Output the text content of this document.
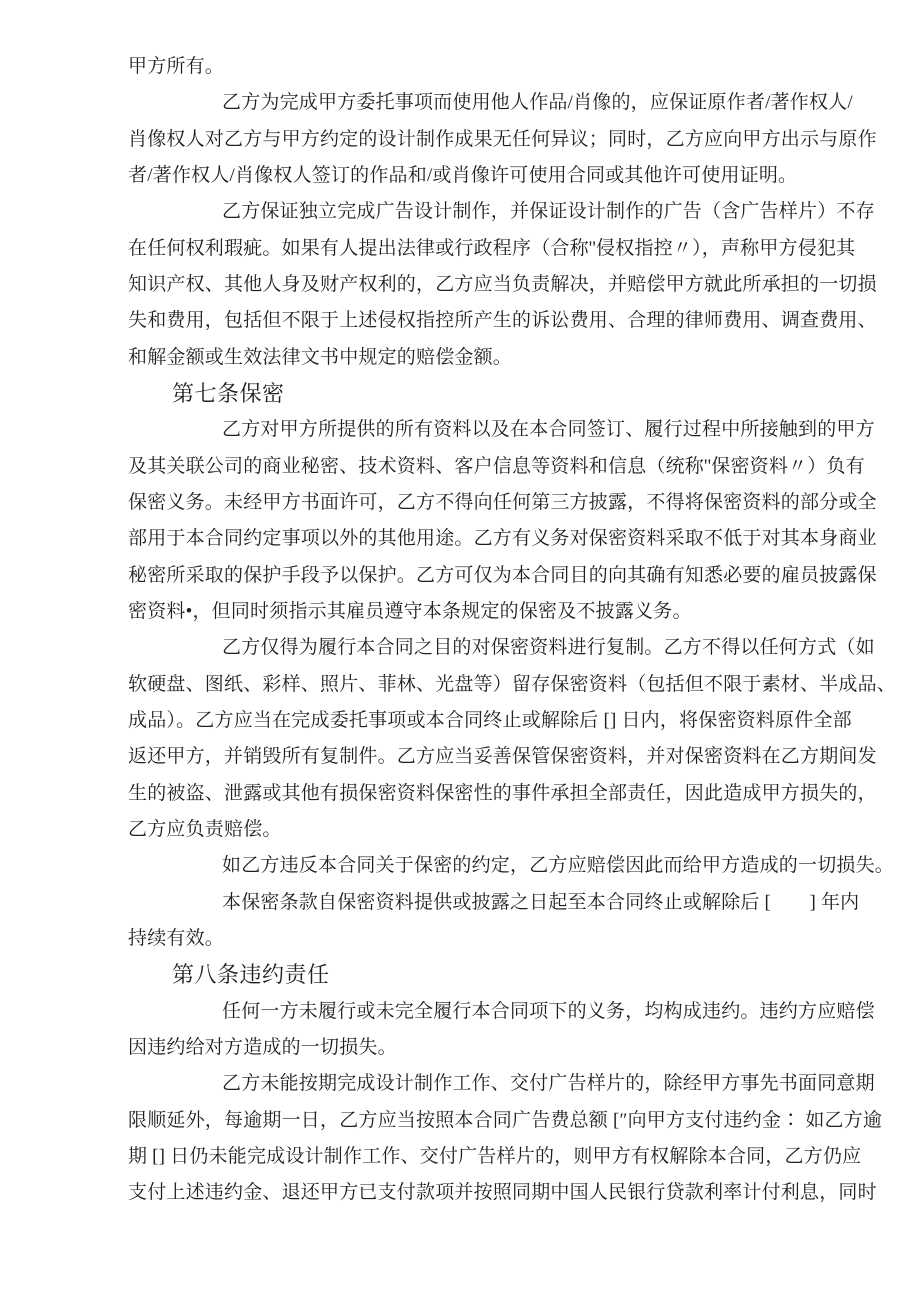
甲方所有。
乙方为完成甲方委托事项而使用他人作品/肖像的，应保证原作者/著作权人/
肖像权人对乙方与甲方约定的设计制作成果无任何异议；同时，乙方应向甲方出示与原作
者/著作权人/肖像权人签订的作品和/或肖像许可使用合同或其他许可使用证明。
乙方保证独立完成广告设计制作，并保证设计制作的广告（含广告样片）不存
在任何权利瑕疵。如果有人提出法律或行政程序（合称''侵权指控〃），声称甲方侵犯其
知识产权、其他人身及财产权利的，乙方应当负责解决，并赔偿甲方就此所承担的一切损
失和费用，包括但不限于上述侵权指控所产生的诉讼费用、合理的律师费用、调查费用、
和解金额或生效法律文书中规定的赔偿金额。
第七条保密
乙方对甲方所提供的所有资料以及在本合同签订、履行过程中所接触到的甲方
及其关联公司的商业秘密、技术资料、客户信息等资料和信息（统称''保密资料〃）负有
保密义务。未经甲方书面许可，乙方不得向任何第三方披露，不得将保密资料的部分或全
部用于本合同约定事项以外的其他用途。乙方有义务对保密资料采取不低于对其本身商业
秘密所采取的保护手段予以保护。乙方可仅为本合同目的向其确有知悉必要的雇员披露保
密资料•，但同时须指示其雇员遵守本条规定的保密及不披露义务。
乙方仅得为履行本合同之目的对保密资料进行复制。乙方不得以任何方式（如
软硬盘、图纸、彩样、照片、菲林、光盘等）留存保密资料（包括但不限于素材、半成品、
成品）。乙方应当在完成委托事项或本合同终止或解除后 [] 日内，将保密资料原件全部
返还甲方，并销毁所有复制件。乙方应当妥善保管保密资料，并对保密资料在乙方期间发
生的被盗、泄露或其他有损保密资料保密性的事件承担全部责任，因此造成甲方损失的，
乙方应负责赔偿。
如乙方违反本合同关于保密的约定，乙方应赔偿因此而给甲方造成的一切损失。
本保密条款自保密资料提供或披露之日起至本合同终止或解除后 [　　] 年内
持续有效。
第八条违约责任
任何一方未履行或未完全履行本合同项下的义务，均构成违约。违约方应赔偿
因违约给对方造成的一切损失。
乙方未能按期完成设计制作工作、交付广告样片的，除经甲方事先书面同意期
限顺延外，每逾期一日，乙方应当按照本合同广告费总额 [″向甲方支付违约金∶ 如乙方逾
期 [] 日仍未能完成设计制作工作、交付广告样片的，则甲方有权解除本合同，乙方仍应
支付上述违约金、退还甲方已支付款项并按照同期中国人民银行贷款利率计付利息，同时
